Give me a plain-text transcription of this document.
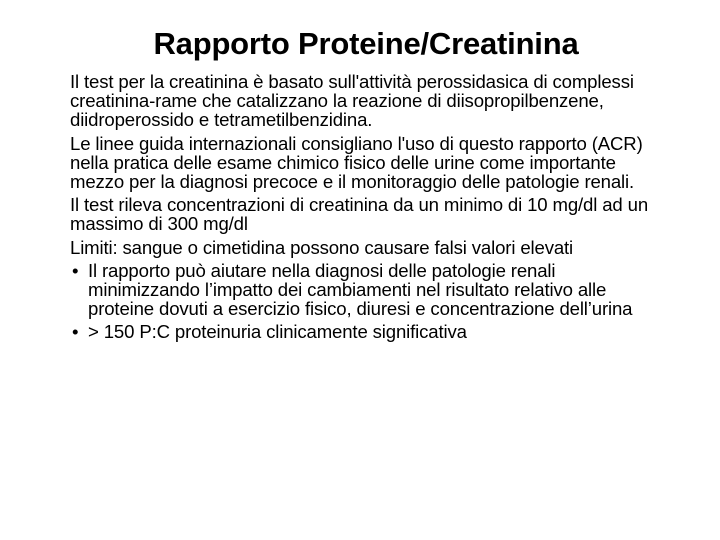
Rapporto Proteine/Creatinina

Il test per la creatinina è basato sull'attività perossidasica di complessi creatinina-rame che catalizzano la reazione di diisopropilbenzene, diidroperossido e tetrametilbenzidina.

Le linee guida internazionali consigliano l'uso di questo rapporto (ACR) nella pratica delle esame chimico fisico delle urine come importante mezzo per la diagnosi precoce e il monitoraggio delle patologie renali.

Il test rileva concentrazioni di creatinina da un minimo di 10 mg/dl ad un massimo di 300 mg/dl

Limiti: sangue o cimetidina possono causare falsi valori elevati

• Il rapporto può aiutare nella diagnosi delle patologie renali minimizzando l’impatto dei cambiamenti nel risultato relativo alle proteine dovuti a esercizio fisico, diuresi e concentrazione dell’urina
• > 150 P:C proteinuria clinicamente significativa
